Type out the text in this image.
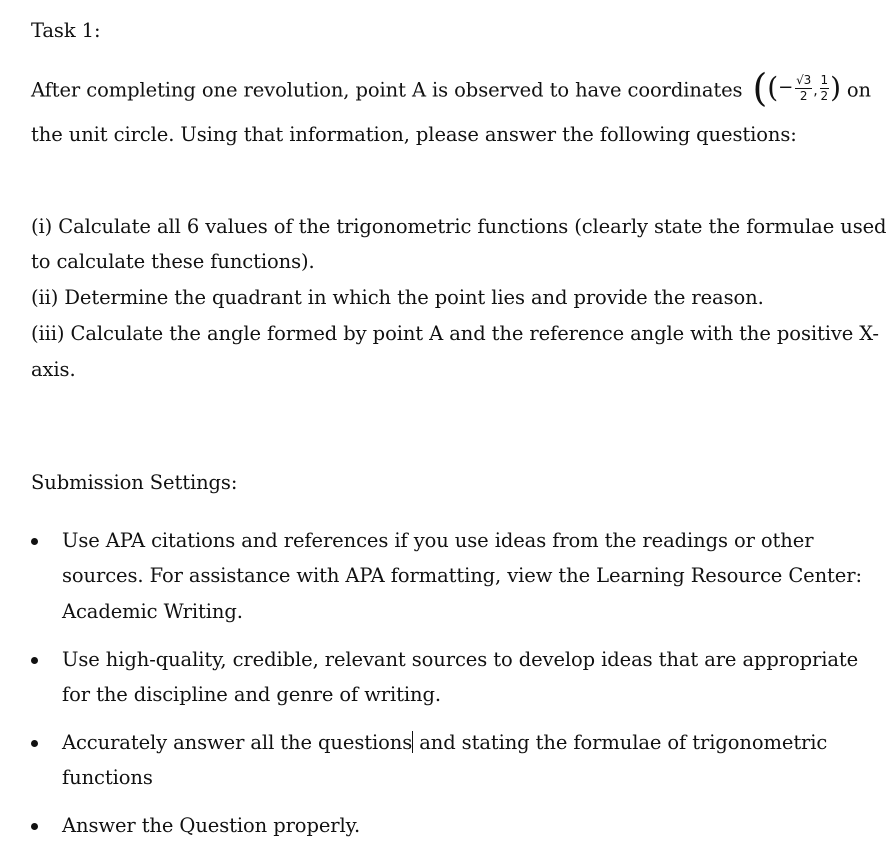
Task 1:
After completing one revolution, point A is observed to have coordinates ((− $\frac{√3}{2}$ , $\frac{1}{2}$ ) on
the unit circle. Using that information, please answer the following questions:
(i) Calculate all 6 values of the trigonometric functions (clearly state the formulae used
to calculate these functions).
(ii) Determine the quadrant in which the point lies and provide the reason.
(iii) Calculate the angle formed by point A and the reference angle with the positive X-
axis.
Submission Settings:
Use APA citations and references if you use ideas from the readings or other
sources. For assistance with APA formatting, view the Learning Resource Center:
Academic Writing.
Use high-quality, credible, relevant sources to develop ideas that are appropriate
for the discipline and genre of writing.
Accurately answer all the questions and stating the formulae of trigonometric
functions
Answer the Question properly.
